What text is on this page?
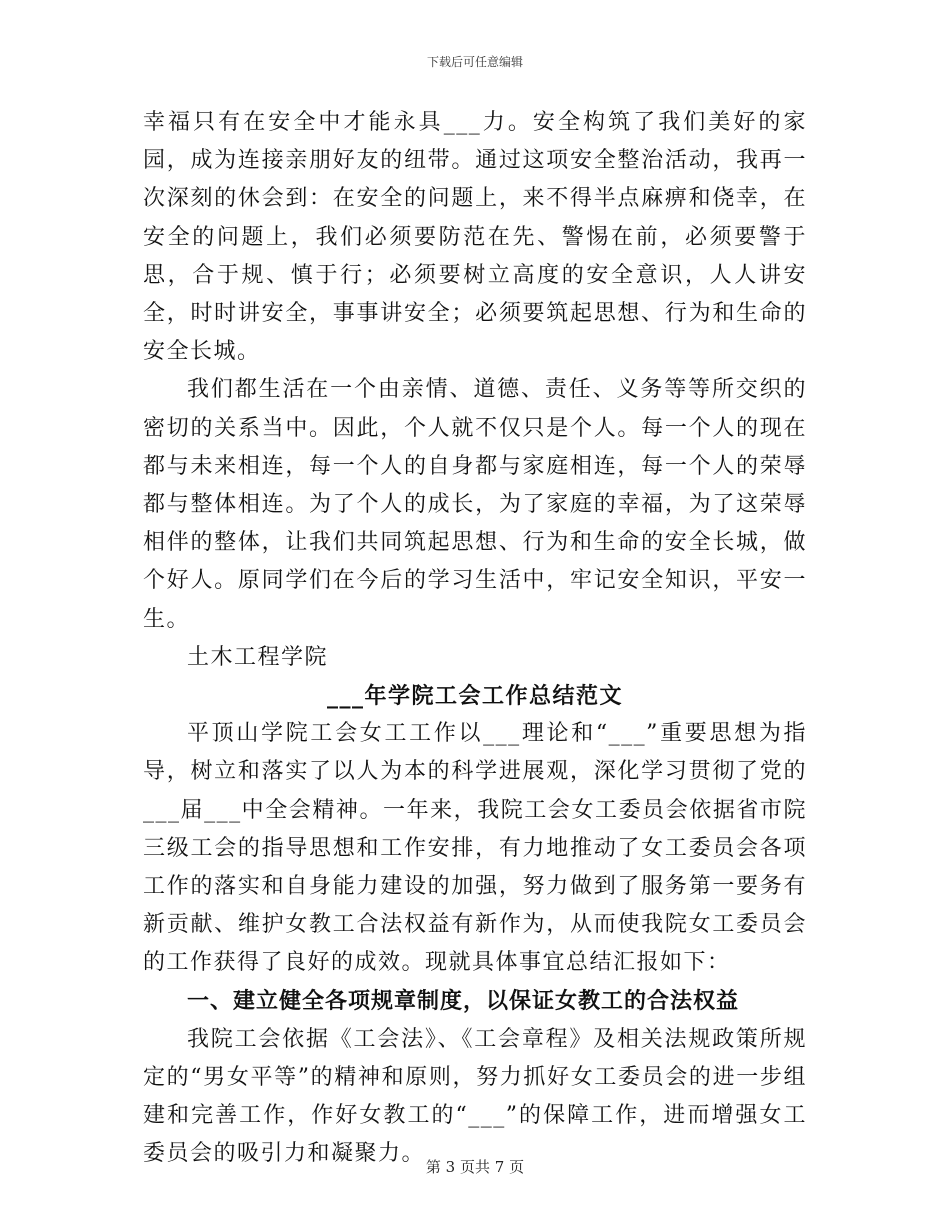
下载后可任意编辑

幸福只有在安全中才能永具___力。安全构筑了我们美好的家园，成为连接亲朋好友的纽带。通过这项安全整治活动，我再一次深刻的休会到：在安全的问题上，来不得半点麻痹和侥幸，在安全的问题上，我们必须要防范在先、警惕在前，必须要警于思，合于规、慎于行；必须要树立高度的安全意识，人人讲安全，时时讲安全，事事讲安全；必须要筑起思想、行为和生命的安全长城。

我们都生活在一个由亲情、道德、责任、义务等等所交织的密切的关系当中。因此，个人就不仅只是个人。每一个人的现在都与未来相连，每一个人的自身都与家庭相连，每一个人的荣辱都与整体相连。为了个人的成长，为了家庭的幸福，为了这荣辱相伴的整体，让我们共同筑起思想、行为和生命的安全长城，做个好人。原同学们在今后的学习生活中，牢记安全知识，平安一生。

土木工程学院

___年学院工会工作总结范文

平顶山学院工会女工工作以___理论和“___”重要思想为指导，树立和落实了以人为本的科学进展观，深化学习贯彻了党的___届___中全会精神。一年来，我院工会女工委员会依据省市院三级工会的指导思想和工作安排，有力地推动了女工委员会各项工作的落实和自身能力建设的加强，努力做到了服务第一要务有新贡献、维护女教工合法权益有新作为，从而使我院女工委员会的工作获得了良好的成效。现就具体事宜总结汇报如下：

一、建立健全各项规章制度，以保证女教工的合法权益

我院工会依据《工会法》、《工会章程》及相关法规政策所规定的“男女平等”的精神和原则，努力抓好女工委员会的进一步组建和完善工作，作好女教工的“___”的保障工作，进而增强女工委员会的吸引力和凝聚力。

第 3 页共 7 页
